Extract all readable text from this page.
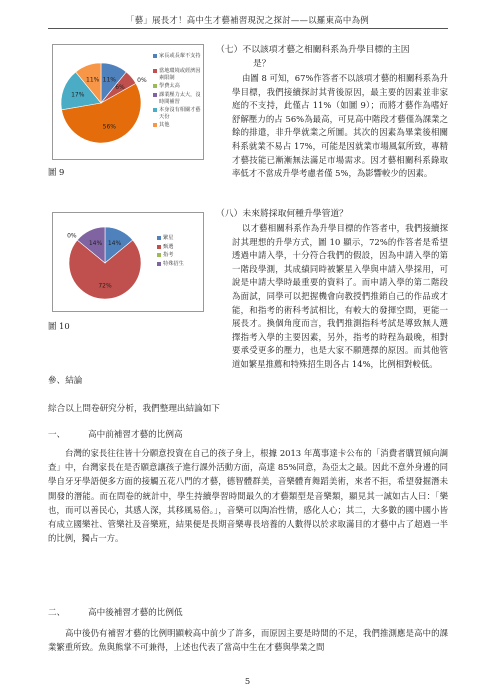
「藝」展長才！高中生才藝補習現況之探討——以羅東高中為例
11%
6%
0%
56%
17%
11%
家長或長輩不支持
當地環境或經濟因素限制
學費太高
課業壓力太大，沒時間補習
本身沒有相關才藝天份
其他
圖 9
14%
72%
0%
14%
繁星
甄選
指考
特殊招生
圖 10
（七）不以該項才藝之相關科系為升學目標的主因
是？
由圖 8 可知，67%作答者不以該項才藝的相關科系為升學目標，我們接續探討其背後原因，最主要的因素並非家庭的不支持，此僅占 11%（如圖 9）；而將才藝作為嗜好舒解壓力的占 56%為最高，可見高中階段才藝僅為課業之餘的排遣，非升學就業之所圖。其次的因素為畢業後相關科系就業不易占 17%，可能是因就業市場風氣所致，專精才藝技能已漸漸無法滿足市場需求。因才藝相關科系錄取率低才不當成升學考慮者僅 5%，為影響較少的因素。
（八）未來將採取何種升學管道？
以才藝相關科系作為升學目標的作答者中，我們接續探討其理想的升學方式，圖 10 顯示，72%的作答者是希望透過申請入學，十分符合我們的假設，因為申請入學的第一階段學測，其成績同時被繁星入學與申請入學採用，可說是申請大學時最重要的資料了。而申請入學的第二階段為面試，同學可以把握機會向教授們推銷自己的作品或才能，和指考的術科考試相比，有較大的發揮空間，更能一展長才。換個角度而言，我們推測指科考試是導致無人選擇指考入學的主要因素，另外，指考的時程為最晚，相對要承受更多的壓力，也是大家不願選擇的原因。而其他管道如繁星推薦和特殊招生則各占 14%，比例相對較低。
參、結論
綜合以上問卷研究分析，我們整理出結論如下
一、	高中前補習才藝的比例高
台灣的家長往往皆十分願意投資在自己的孩子身上，根據 2013 年萬事達卡公布的「消費者購買傾向調查」中，台灣家長在是否願意讓孩子進行課外活動方面，高達 85%同意，為亞太之最。因此不意外身邊的同學自牙牙學語便多方面的接觸五花八門的才藝，德智體群美，音樂體育舞蹈美術，來者不拒，希望發掘潛未開發的潛能。而在問卷的統計中，學生持續學習時間最久的才藝類型是音樂類，顯見其一誠如古人曰：「樂也，而可以善民心，其感人深，其移風易俗。」，音樂可以陶冶性情，感化人心；其二，大多數的國中國小皆有成立國樂社、管樂社及音樂班，結果便是長期音樂專長培養的人數得以於求取滿目的才藝中占了超過一半的比例，獨占一方。
二、	高中後補習才藝的比例低
高中後仍有補習才藝的比例明顯較高中前少了許多，而原因主要是時間的不足，我們推測應是高中的課業繁重所致。魚與熊掌不可兼得，上述也代表了當高中生在才藝與學業之間
5
